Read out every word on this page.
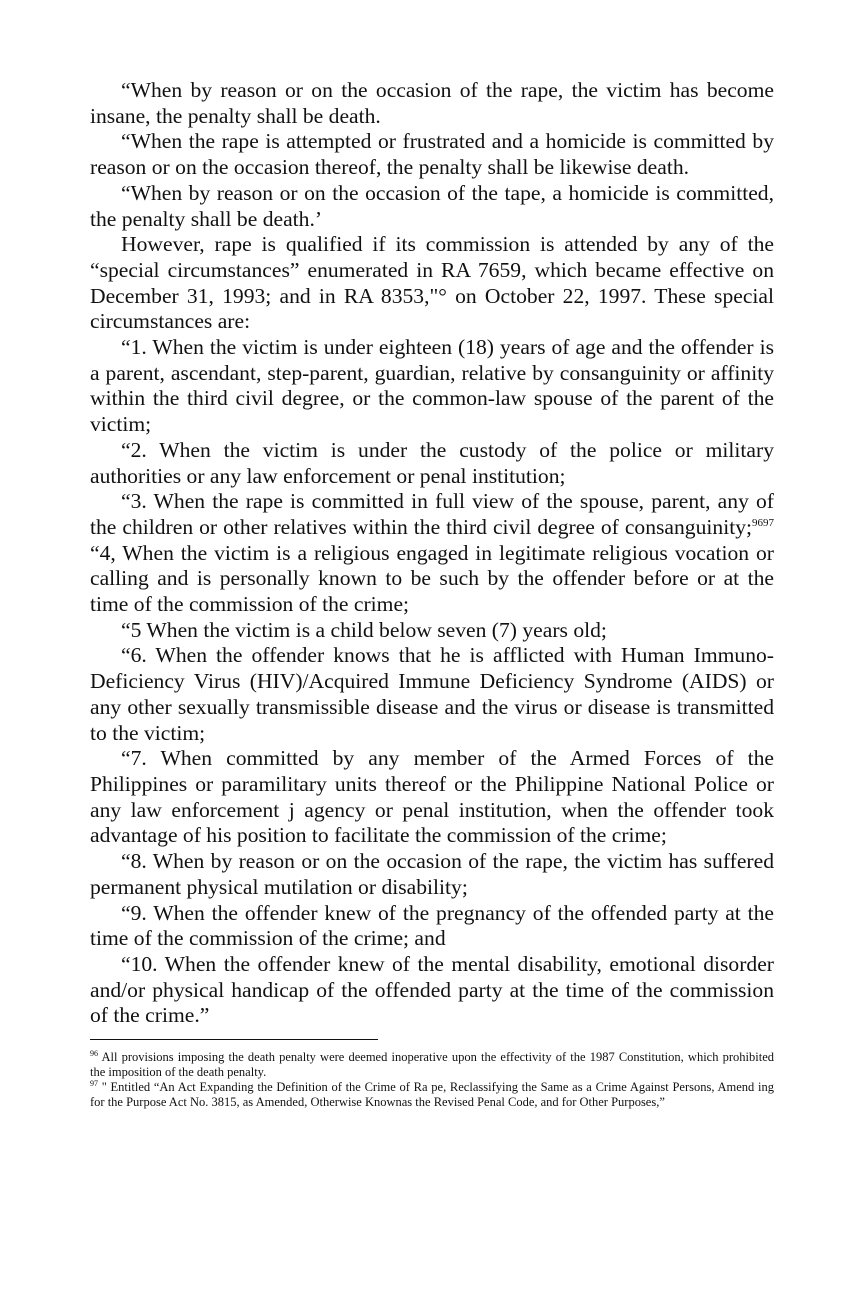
“When by reason or on the occasion of the rape, the victim has become insane, the penalty shall be death.

“When the rape is attempted or frustrated and a homicide is committed by reason or on the occasion thereof, the penalty shall be likewise death.

“When by reason or on the occasion of the tape, a homicide is committed, the penalty shall be death.’

However, rape is qualified if its commission is attended by any of the “special circumstances” enumerated in RA 7659, which became effective on December 31, 1993; and in RA 8353,"° on October 22, 1997. These special circumstances are:

“1. When the victim is under eighteen (18) years of age and the offender is a parent, ascendant, step-parent, guardian, relative by consanguinity or affinity within the third civil degree, or the common-law spouse of the parent of the victim;

“2. When the victim is under the custody of the police or military authorities or any law enforcement or penal institution;

“3. When the rape is committed in full view of the spouse, parent, any of the children or other relatives within the third civil degree of consanguinity;$^{9697}$ “4, When the victim is a religious engaged in legitimate religious vocation or calling and is personally known to be such by the offender before or at the time of the commission of the crime;

“5 When the victim is a child below seven (7) years old;

“6. When the offender knows that he is afflicted with Human Immuno-Deficiency Virus (HIV)/Acquired Immune Deficiency Syndrome (AIDS) or any other sexually transmissible disease and the virus or disease is transmitted to the victim;

“7. When committed by any member of the Armed Forces of the Philippines or paramilitary units thereof or the Philippine National Police or any law enforcement j agency or penal institution, when the offender took advantage of his position to facilitate the commission of the crime;

“8. When by reason or on the occasion of the rape, the victim has suffered permanent physical mutilation or disability;

“9. When the offender knew of the pregnancy of the offended party at the time of the commission of the crime; and

“10. When the offender knew of the mental disability, emotional disorder and/or physical handicap of the offended party at the time of the commission of the crime.”

$^{96}$ All provisions imposing the death penalty were deemed inoperative upon the effectivity of the 1987 Constitution, which prohibited the imposition of the death penalty.

$^{97}$ " Entitled “An Act Expanding the Definition of the Crime of Ra pe, Reclassifying the Same as a Crime Against Persons, Amend ing for the Purpose Act No. 3815, as Amended, Otherwise Knownas the Revised Penal Code, and for Other Purposes,”
